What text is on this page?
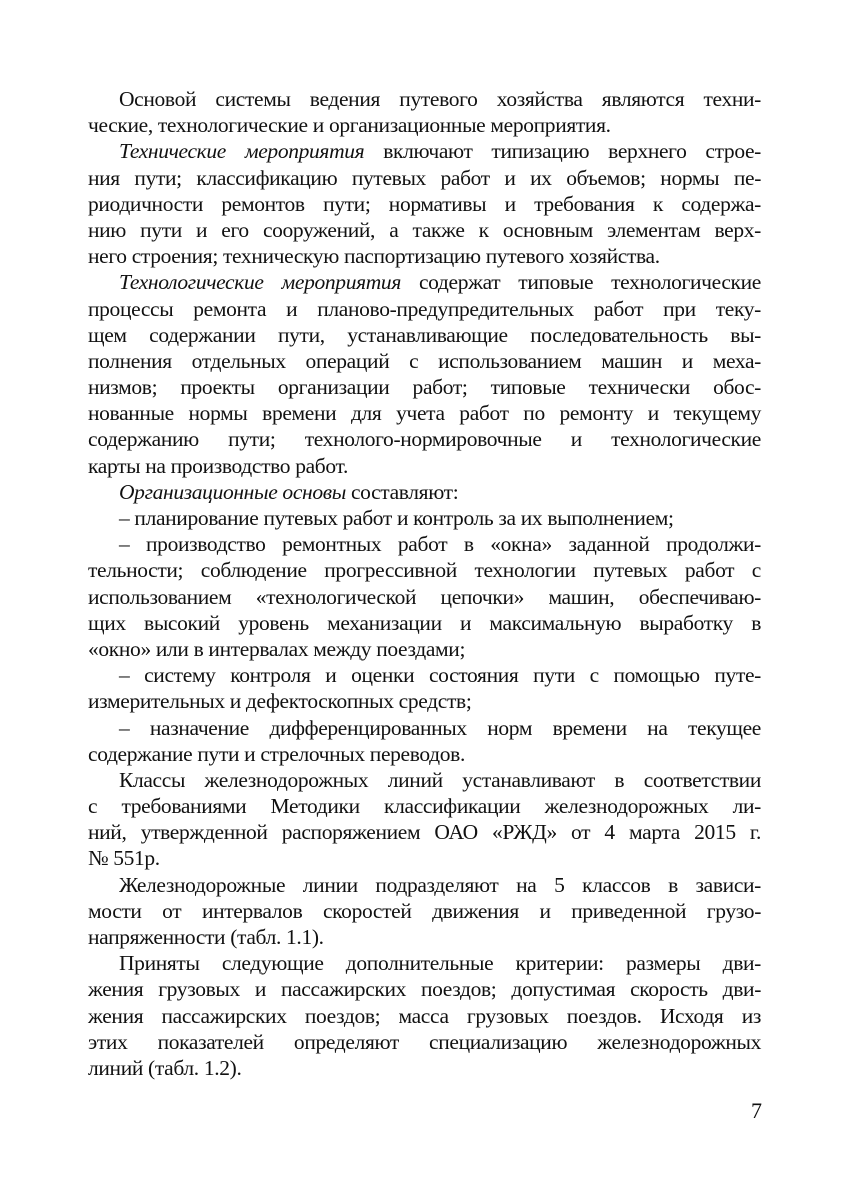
Основой системы ведения путевого хозяйства являются техни-
ческие, технологические и организационные мероприятия.
Технические мероприятия включают типизацию верхнего строе-
ния пути; классификацию путевых работ и их объемов; нормы пе-
риодичности ремонтов пути; нормативы и требования к содержа-
нию пути и его сооружений, а также к основным элементам верх-
него строения; техническую паспортизацию путевого хозяйства.
Технологические мероприятия содержат типовые технологические
процессы ремонта и планово-предупредительных работ при теку-
щем содержании пути, устанавливающие последовательность вы-
полнения отдельных операций с использованием машин и меха-
низмов; проекты организации работ; типовые технически обос-
нованные нормы времени для учета работ по ремонту и текущему
содержанию пути; технолого-нормировочные и технологические
карты на производство работ.
Организационные основы составляют:
– планирование путевых работ и контроль за их выполнением;
– производство ремонтных работ в «окна» заданной продолжи-
тельности; соблюдение прогрессивной технологии путевых работ с
использованием «технологической цепочки» машин, обеспечиваю-
щих высокий уровень механизации и максимальную выработку в
«окно» или в интервалах между поездами;
– систему контроля и оценки состояния пути с помощью путе-
измерительных и дефектоскопных средств;
– назначение дифференцированных норм времени на текущее
содержание пути и стрелочных переводов.
Классы железнодорожных линий устанавливают в соответствии
с требованиями Методики классификации железнодорожных ли-
ний, утвержденной распоряжением ОАО «РЖД» от 4 марта 2015 г.
№ 551р.
Железнодорожные линии подразделяют на 5 классов в зависи-
мости от интервалов скоростей движения и приведенной грузо-
напряженности (табл. 1.1).
Приняты следующие дополнительные критерии: размеры дви-
жения грузовых и пассажирских поездов; допустимая скорость дви-
жения пассажирских поездов; масса грузовых поездов. Исходя из
этих показателей определяют специализацию железнодорожных
линий (табл. 1.2).
7
